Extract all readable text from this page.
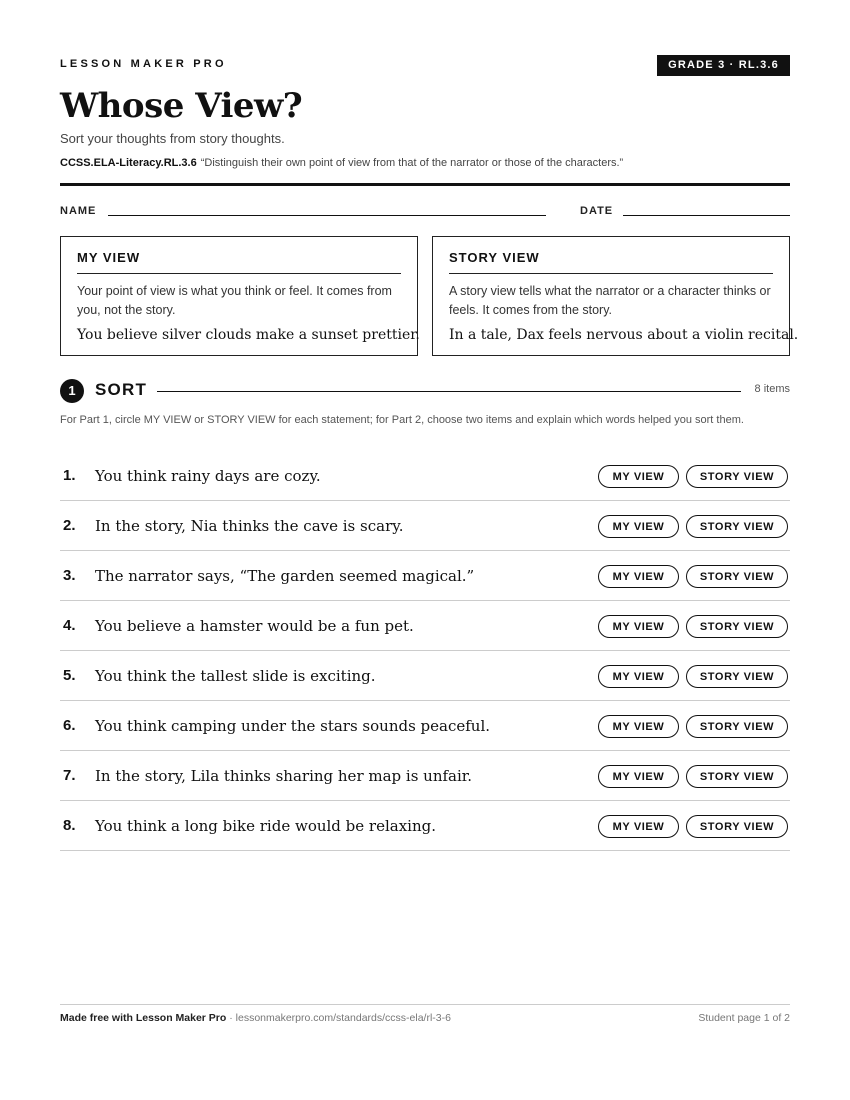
LESSON MAKER PRO	GRADE 3 · RL.3.6
Whose View?
Sort your thoughts from story thoughts.
CCSS.ELA-Literacy.RL.3.6 “Distinguish their own point of view from that of the narrator or those of the characters.”
NAME	DATE
MY VIEW
Your point of view is what you think or feel. It comes from you, not the story.
You believe silver clouds make a sunset prettier.
STORY VIEW
A story view tells what the narrator or a character thinks or feels. It comes from the story.
In a tale, Dax feels nervous about a violin recital.
1	SORT	8 items
For Part 1, circle MY VIEW or STORY VIEW for each statement; for Part 2, choose two items and explain which words helped you sort them.
1. You think rainy days are cozy.	MY VIEW	STORY VIEW
2. In the story, Nia thinks the cave is scary.	MY VIEW	STORY VIEW
3. The narrator says, “The garden seemed magical.”	MY VIEW	STORY VIEW
4. You believe a hamster would be a fun pet.	MY VIEW	STORY VIEW
5. You think the tallest slide is exciting.	MY VIEW	STORY VIEW
6. You think camping under the stars sounds peaceful.	MY VIEW	STORY VIEW
7. In the story, Lila thinks sharing her map is unfair.	MY VIEW	STORY VIEW
8. You think a long bike ride would be relaxing.	MY VIEW	STORY VIEW
Made free with Lesson Maker Pro · lessonmakerpro.com/standards/ccss-ela/rl-3-6	Student page 1 of 2
